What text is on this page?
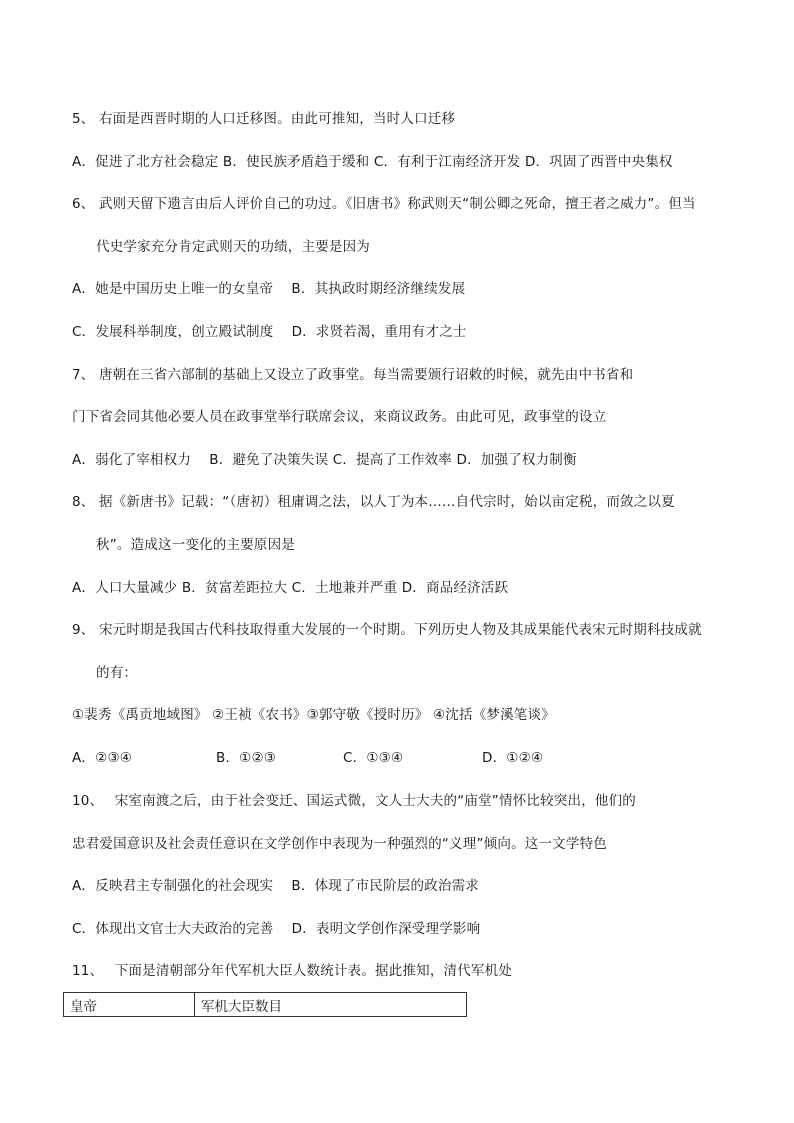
5、 右面是西晋时期的人口迁移图。由此可推知，当时人口迁移
A．促进了北方社会稳定 B．使民族矛盾趋于缓和 C．有利于江南经济开发 D．巩固了西晋中央集权
6、 武则天留下遗言由后人评价自己的功过。《旧唐书》称武则天“制公卿之死命，擅王者之威力”。但当
代史学家充分肯定武则天的功绩，主要是因为
A．她是中国历史上唯一的女皇帝　 B．其执政时期经济继续发展
C．发展科举制度，创立殿试制度　 D．求贤若渴，重用有才之士
7、 唐朝在三省六部制的基础上又设立了政事堂。每当需要颁行诏敕的时候，就先由中书省和
门下省会同其他必要人员在政事堂举行联席会议，来商议政务。由此可见，政事堂的设立
A．弱化了宰相权力　 B．避免了决策失误 C．提高了工作效率 D．加强了权力制衡
8、 据《新唐书》记载：“（唐初）租庸调之法，以人丁为本……自代宗时，始以亩定税，而敛之以夏
秋”。造成这一变化的主要原因是
A．人口大量减少 B．贫富差距拉大 C．土地兼并严重 D．商品经济活跃
9、 宋元时期是我国古代科技取得重大发展的一个时期。下列历史人物及其成果能代表宋元时期科技成就
的有：
①裴秀《禹贡地域图》 ②王祯《农书》③郭守敬《授时历》 ④沈括《梦溪笔谈》
A．②③④	B．①②③	C．①③④	D．①②④
10、　 宋室南渡之后，由于社会变迁、国运式微，文人士大夫的“庙堂”情怀比较突出，他们的
忠君爱国意识及社会责任意识在文学创作中表现为一种强烈的“义理”倾向。这一文学特色
A．反映君主专制强化的社会现实　 B．体现了市民阶层的政治需求
C．体现出文官士大夫政治的完善　 D．表明文学创作深受理学影响
11、　 下面是清朝部分年代军机大臣人数统计表。据此推知，清代军机处
皇帝	军机大臣数目
